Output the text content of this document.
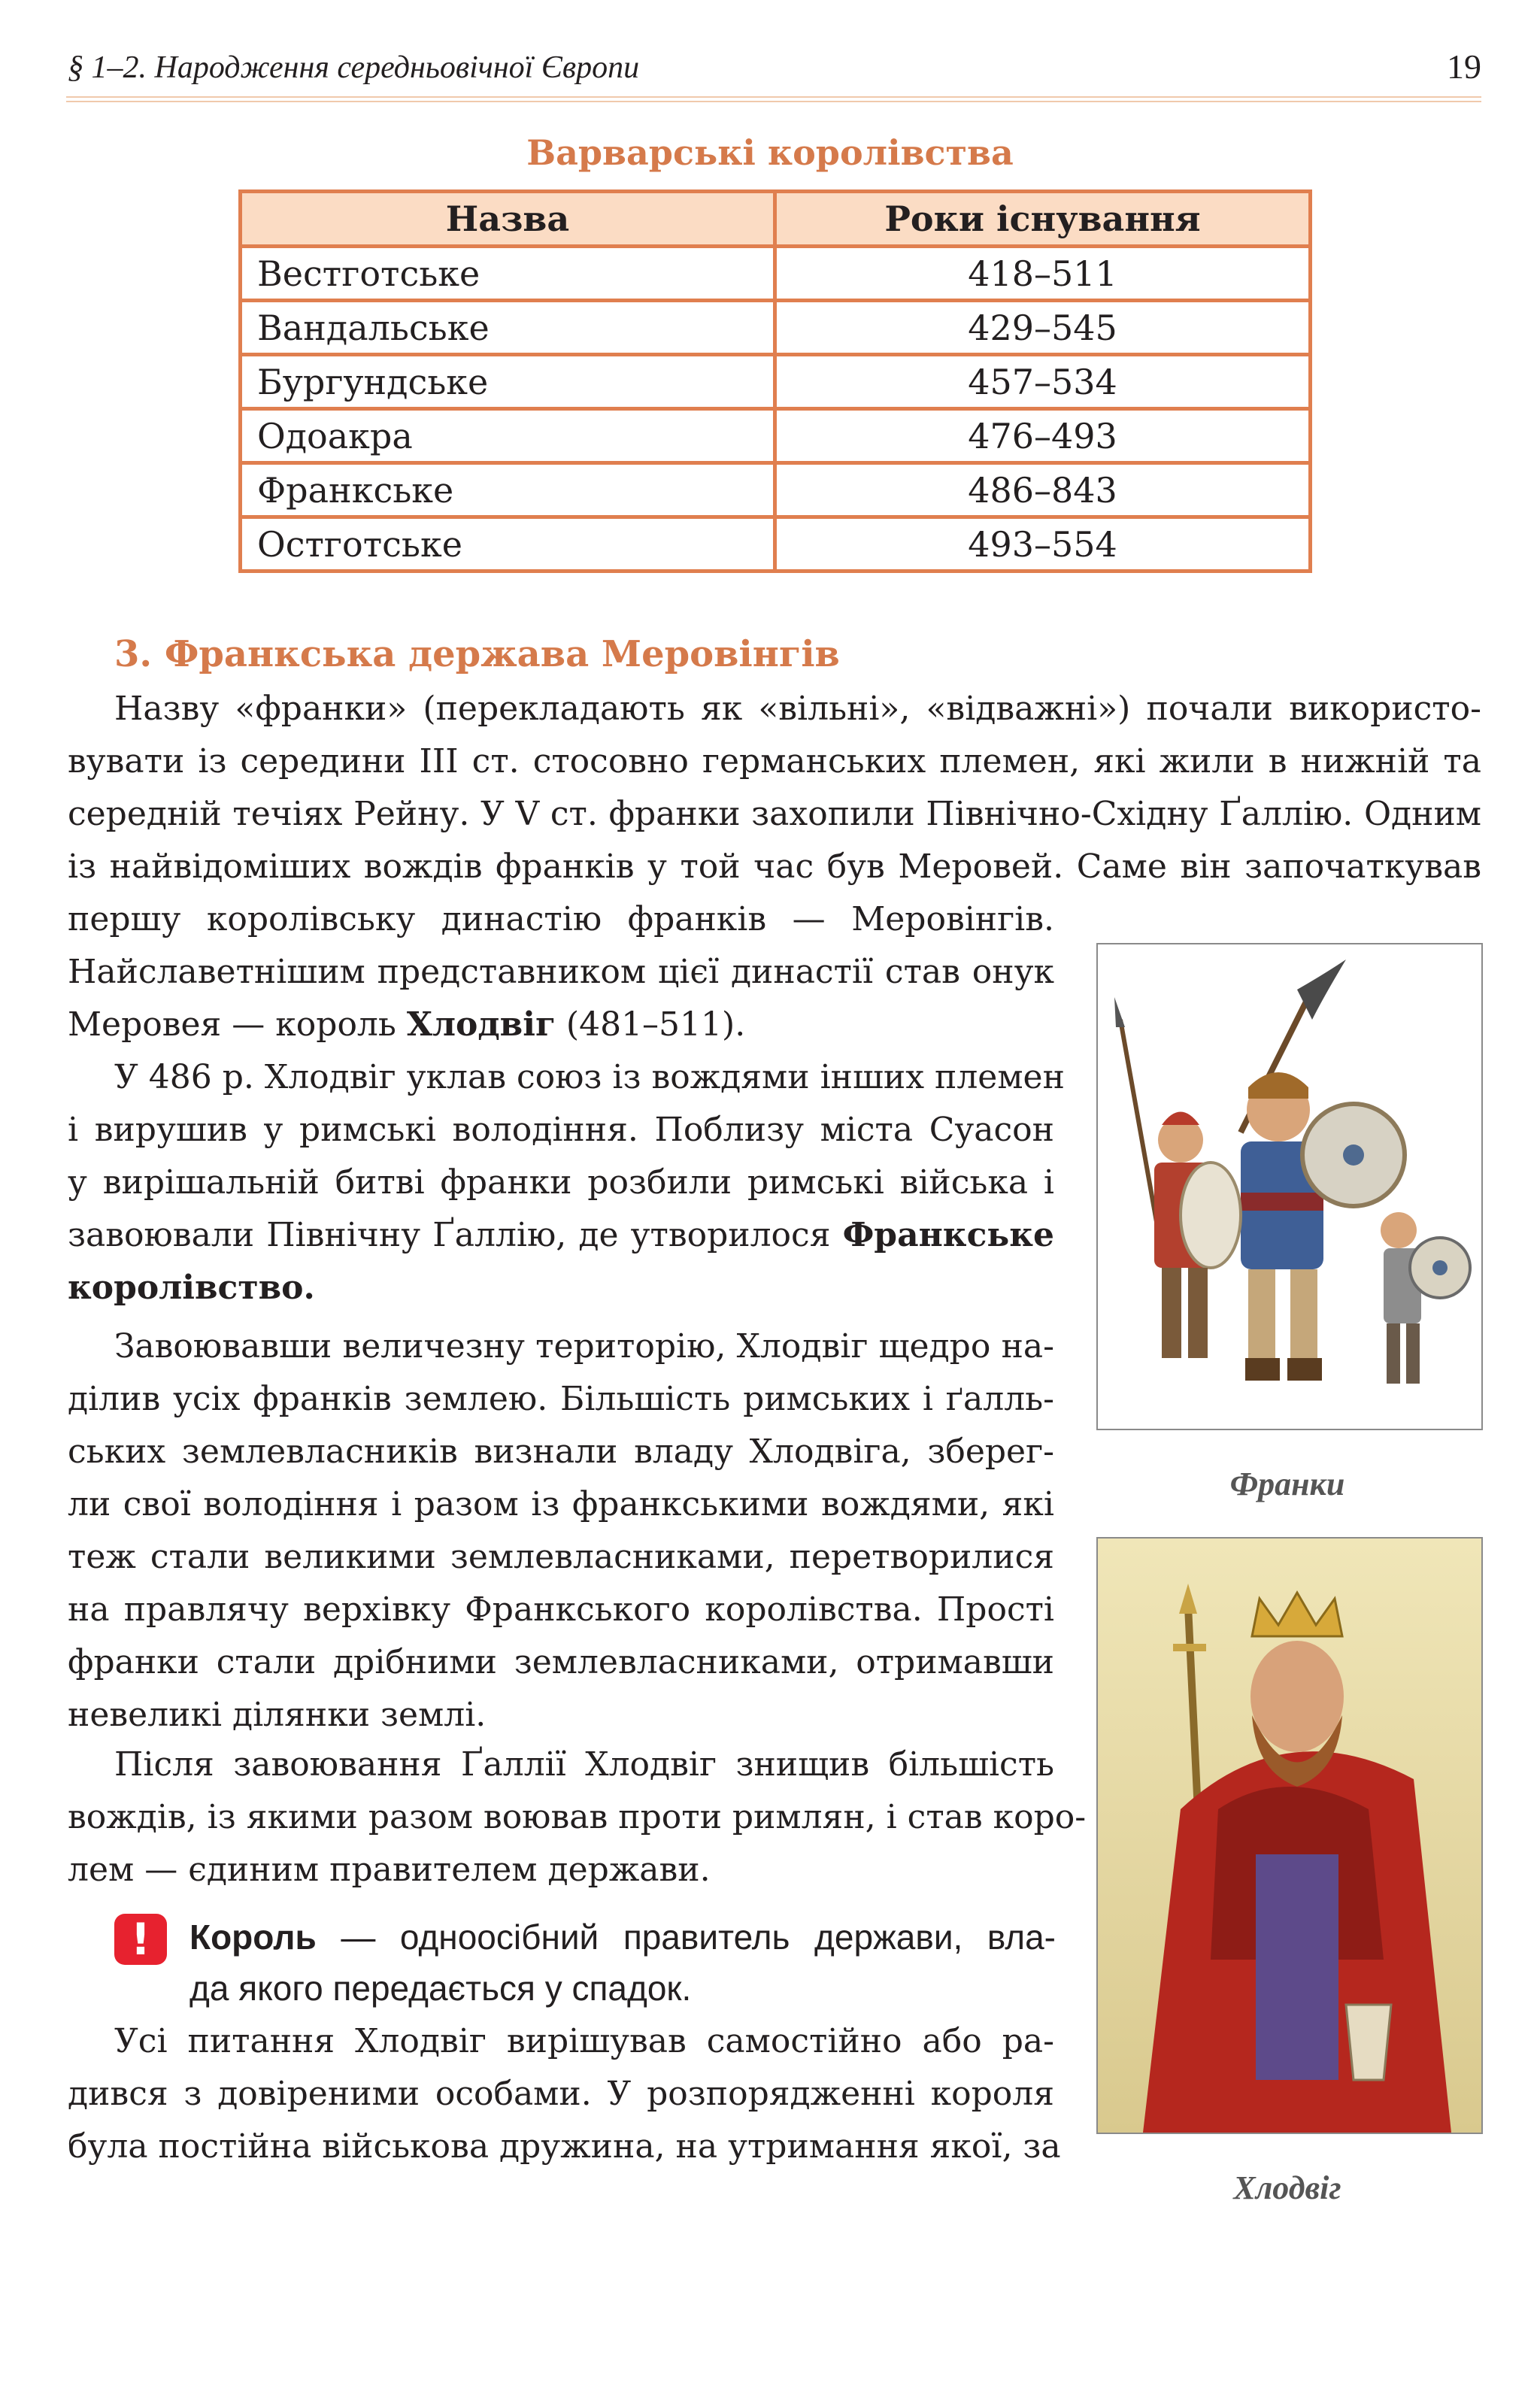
§ 1–2. Народження середньовічної Європи	19
Варварські королівства
Назва	Роки існування
Вестготське	418–511
Вандальське	429–545
Бургундське	457–534
Одоакра	476–493
Франкське	486–843
Остготське	493–554
3. Франкська держава Меровінгів
Назву «франки» (перекладають як «вільні», «відважні») почали використо-
вувати із середини ІІІ ст. стосовно германських племен, які жили в нижній та
середній течіях Рейну. У V ст. франки захопили Північно-Східну Ґаллію. Одним
із найвідоміших вождів франків у той час був Меровей. Саме він започаткував
першу королівську династію франків — Меровінгів.
Найславетнішим представником цієї династії став онук
Меровея — король Хлодвіг (481–511).
У 486 р. Хлодвіг уклав союз із вождями інших племен
і вирушив у римські володіння. Поблизу міста Суасон
у вирішальній битві франки розбили римські війська і
завоювали Північну Ґаллію, де утворилося Франкське
королівство.
Завоювавши величезну територію, Хлодвіг щедро на-
ділив усіх франків землею. Більшість римських і ґалль-
ських землевласників визнали владу Хлодвіга, зберег-
ли свої володіння і разом із франкськими вождями, які
теж стали великими землевласниками, перетворилися
на правлячу верхівку Франкського королівства. Прості
франки стали дрібними землевласниками, отримавши
невеликі ділянки землі.
Після завоювання Ґаллії Хлодвіг знищив більшість
вождів, із якими разом воював проти римлян, і став коро-
лем — єдиним правителем держави.
!	Король — одноосібний правитель держави, вла-
да якого передається у спадок.
Усі питання Хлодвіг вирішував самостійно або ра-
дився з довіреними особами. У розпорядженні короля
була постійна військова дружина, на утримання якої, за
Франки
Хлодвіг
